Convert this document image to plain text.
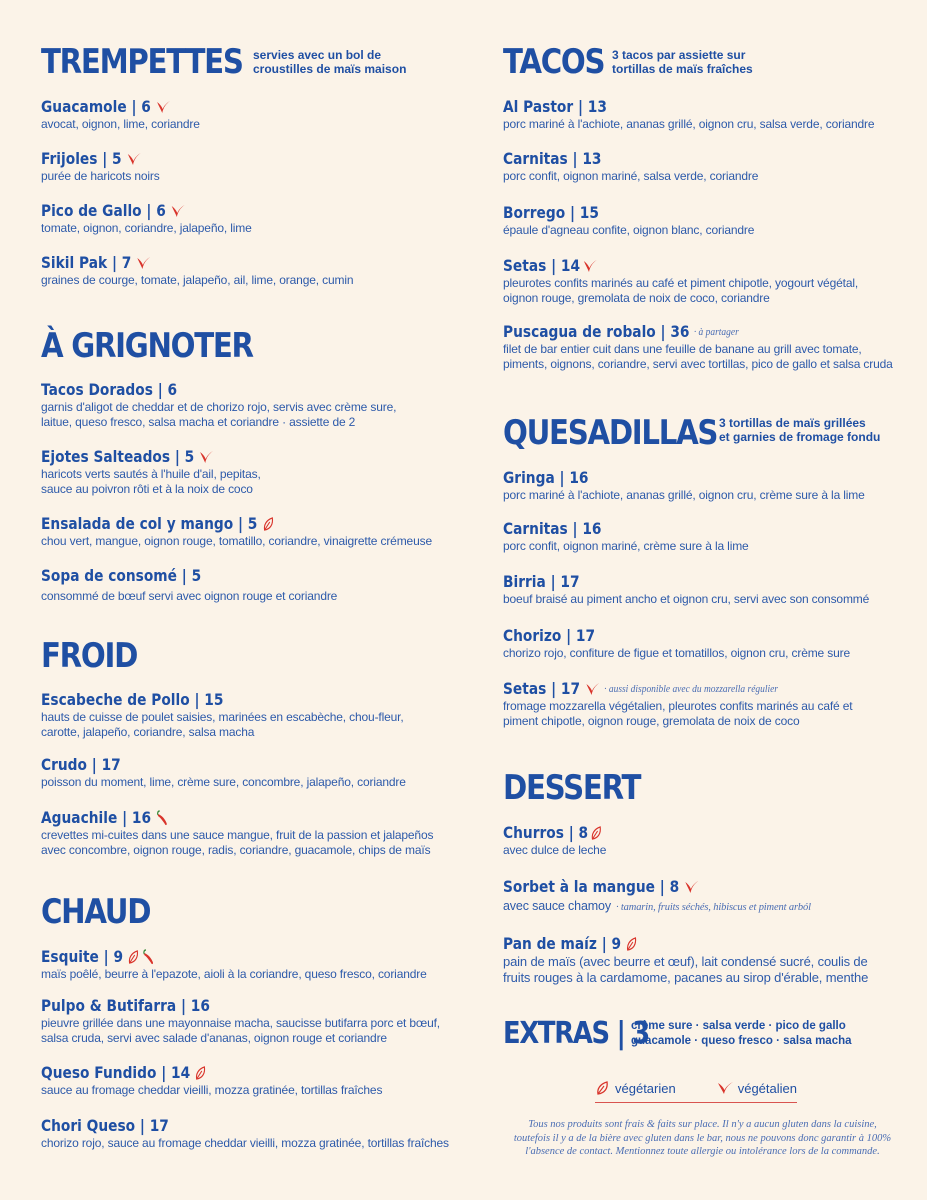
TREMPETTES servies avec un bol de
croustilles de maïs maison
Guacamole | 6
avocat, oignon, lime, coriandre
Frijoles | 5
purée de haricots noirs
Pico de Gallo | 6
tomate, oignon, coriandre, jalapeño, lime
Sikil Pak | 7
graines de courge, tomate, jalapeño, ail, lime, orange, cumin
À GRIGNOTER
Tacos Dorados | 6
garnis d'aligot de cheddar et de chorizo rojo, servis avec crème sure,
laitue, queso fresco, salsa macha et coriandre · assiette de 2
Ejotes Salteados | 5
haricots verts sautés à l'huile d'ail, pepitas,
sauce au poivron rôti et à la noix de coco
Ensalada de col y mango | 5
chou vert, mangue, oignon rouge, tomatillo, coriandre, vinaigrette crémeuse
Sopa de consomé | 5
consommé de bœuf servi avec oignon rouge et coriandre
FROID
Escabeche de Pollo | 15
hauts de cuisse de poulet saisies, marinées en escabèche, chou-fleur,
carotte, jalapeño, coriandre, salsa macha
Crudo | 17
poisson du moment, lime, crème sure, concombre, jalapeño, coriandre
Aguachile | 16
crevettes mi-cuites dans une sauce mangue, fruit de la passion et jalapeños
avec concombre, oignon rouge, radis, coriandre, guacamole, chips de maïs
CHAUD
Esquite | 9
maïs poêlé, beurre à l'epazote, aioli à la coriandre, queso fresco, coriandre
Pulpo & Butifarra | 16
pieuvre grillée dans une mayonnaise macha, saucisse butifarra porc et bœuf,
salsa cruda, servi avec salade d'ananas, oignon rouge et coriandre
Queso Fundido | 14
sauce au fromage cheddar vieilli, mozza gratinée, tortillas fraîches
Chori Queso | 17
chorizo rojo, sauce au fromage cheddar vieilli, mozza gratinée, tortillas fraîches
TACOS 3 tacos par assiette sur
tortillas de maïs fraîches
Al Pastor | 13
porc mariné à l'achiote, ananas grillé, oignon cru, salsa verde, coriandre
Carnitas | 13
porc confit, oignon mariné, salsa verde, coriandre
Borrego | 15
épaule d'agneau confite, oignon blanc, coriandre
Setas | 14
pleurotes confits marinés au café et piment chipotle, yogourt végétal,
oignon rouge, gremolata de noix de coco, coriandre
Puscagua de robalo | 36 · à partager
filet de bar entier cuit dans une feuille de banane au grill avec tomate,
piments, oignons, coriandre, servi avec tortillas, pico de gallo et salsa cruda
QUESADILLAS 3 tortillas de maïs grillées
et garnies de fromage fondu
Gringa | 16
porc mariné à l'achiote, ananas grillé, oignon cru, crème sure à la lime
Carnitas | 16
porc confit, oignon mariné, crème sure à la lime
Birria | 17
boeuf braisé au piment ancho et oignon cru, servi avec son consommé
Chorizo | 17
chorizo rojo, confiture de figue et tomatillos, oignon cru, crème sure
Setas | 17 · aussi disponible avec du mozzarella régulier
fromage mozzarella végétalien, pleurotes confits marinés au café et
piment chipotle, oignon rouge, gremolata de noix de coco
DESSERT
Churros | 8
avec dulce de leche
Sorbet à la mangue | 8
avec sauce chamoy · tamarin, fruits séchés, hibiscus et piment arból
Pan de maíz | 9
pain de maïs (avec beurre et œuf), lait condensé sucré, coulis de
fruits rouges à la cardamome, pacanes au sirop d'érable, menthe
EXTRAS | 3
crème sure · salsa verde · pico de gallo
guacamole · queso fresco · salsa macha
végétarien	végétalien
Tous nos produits sont frais & faits sur place. Il n'y a aucun gluten dans la cuisine,
toutefois il y a de la bière avec gluten dans le bar, nous ne pouvons donc garantir à 100%
l'absence de contact. Mentionnez toute allergie ou intolérance lors de la commande.
